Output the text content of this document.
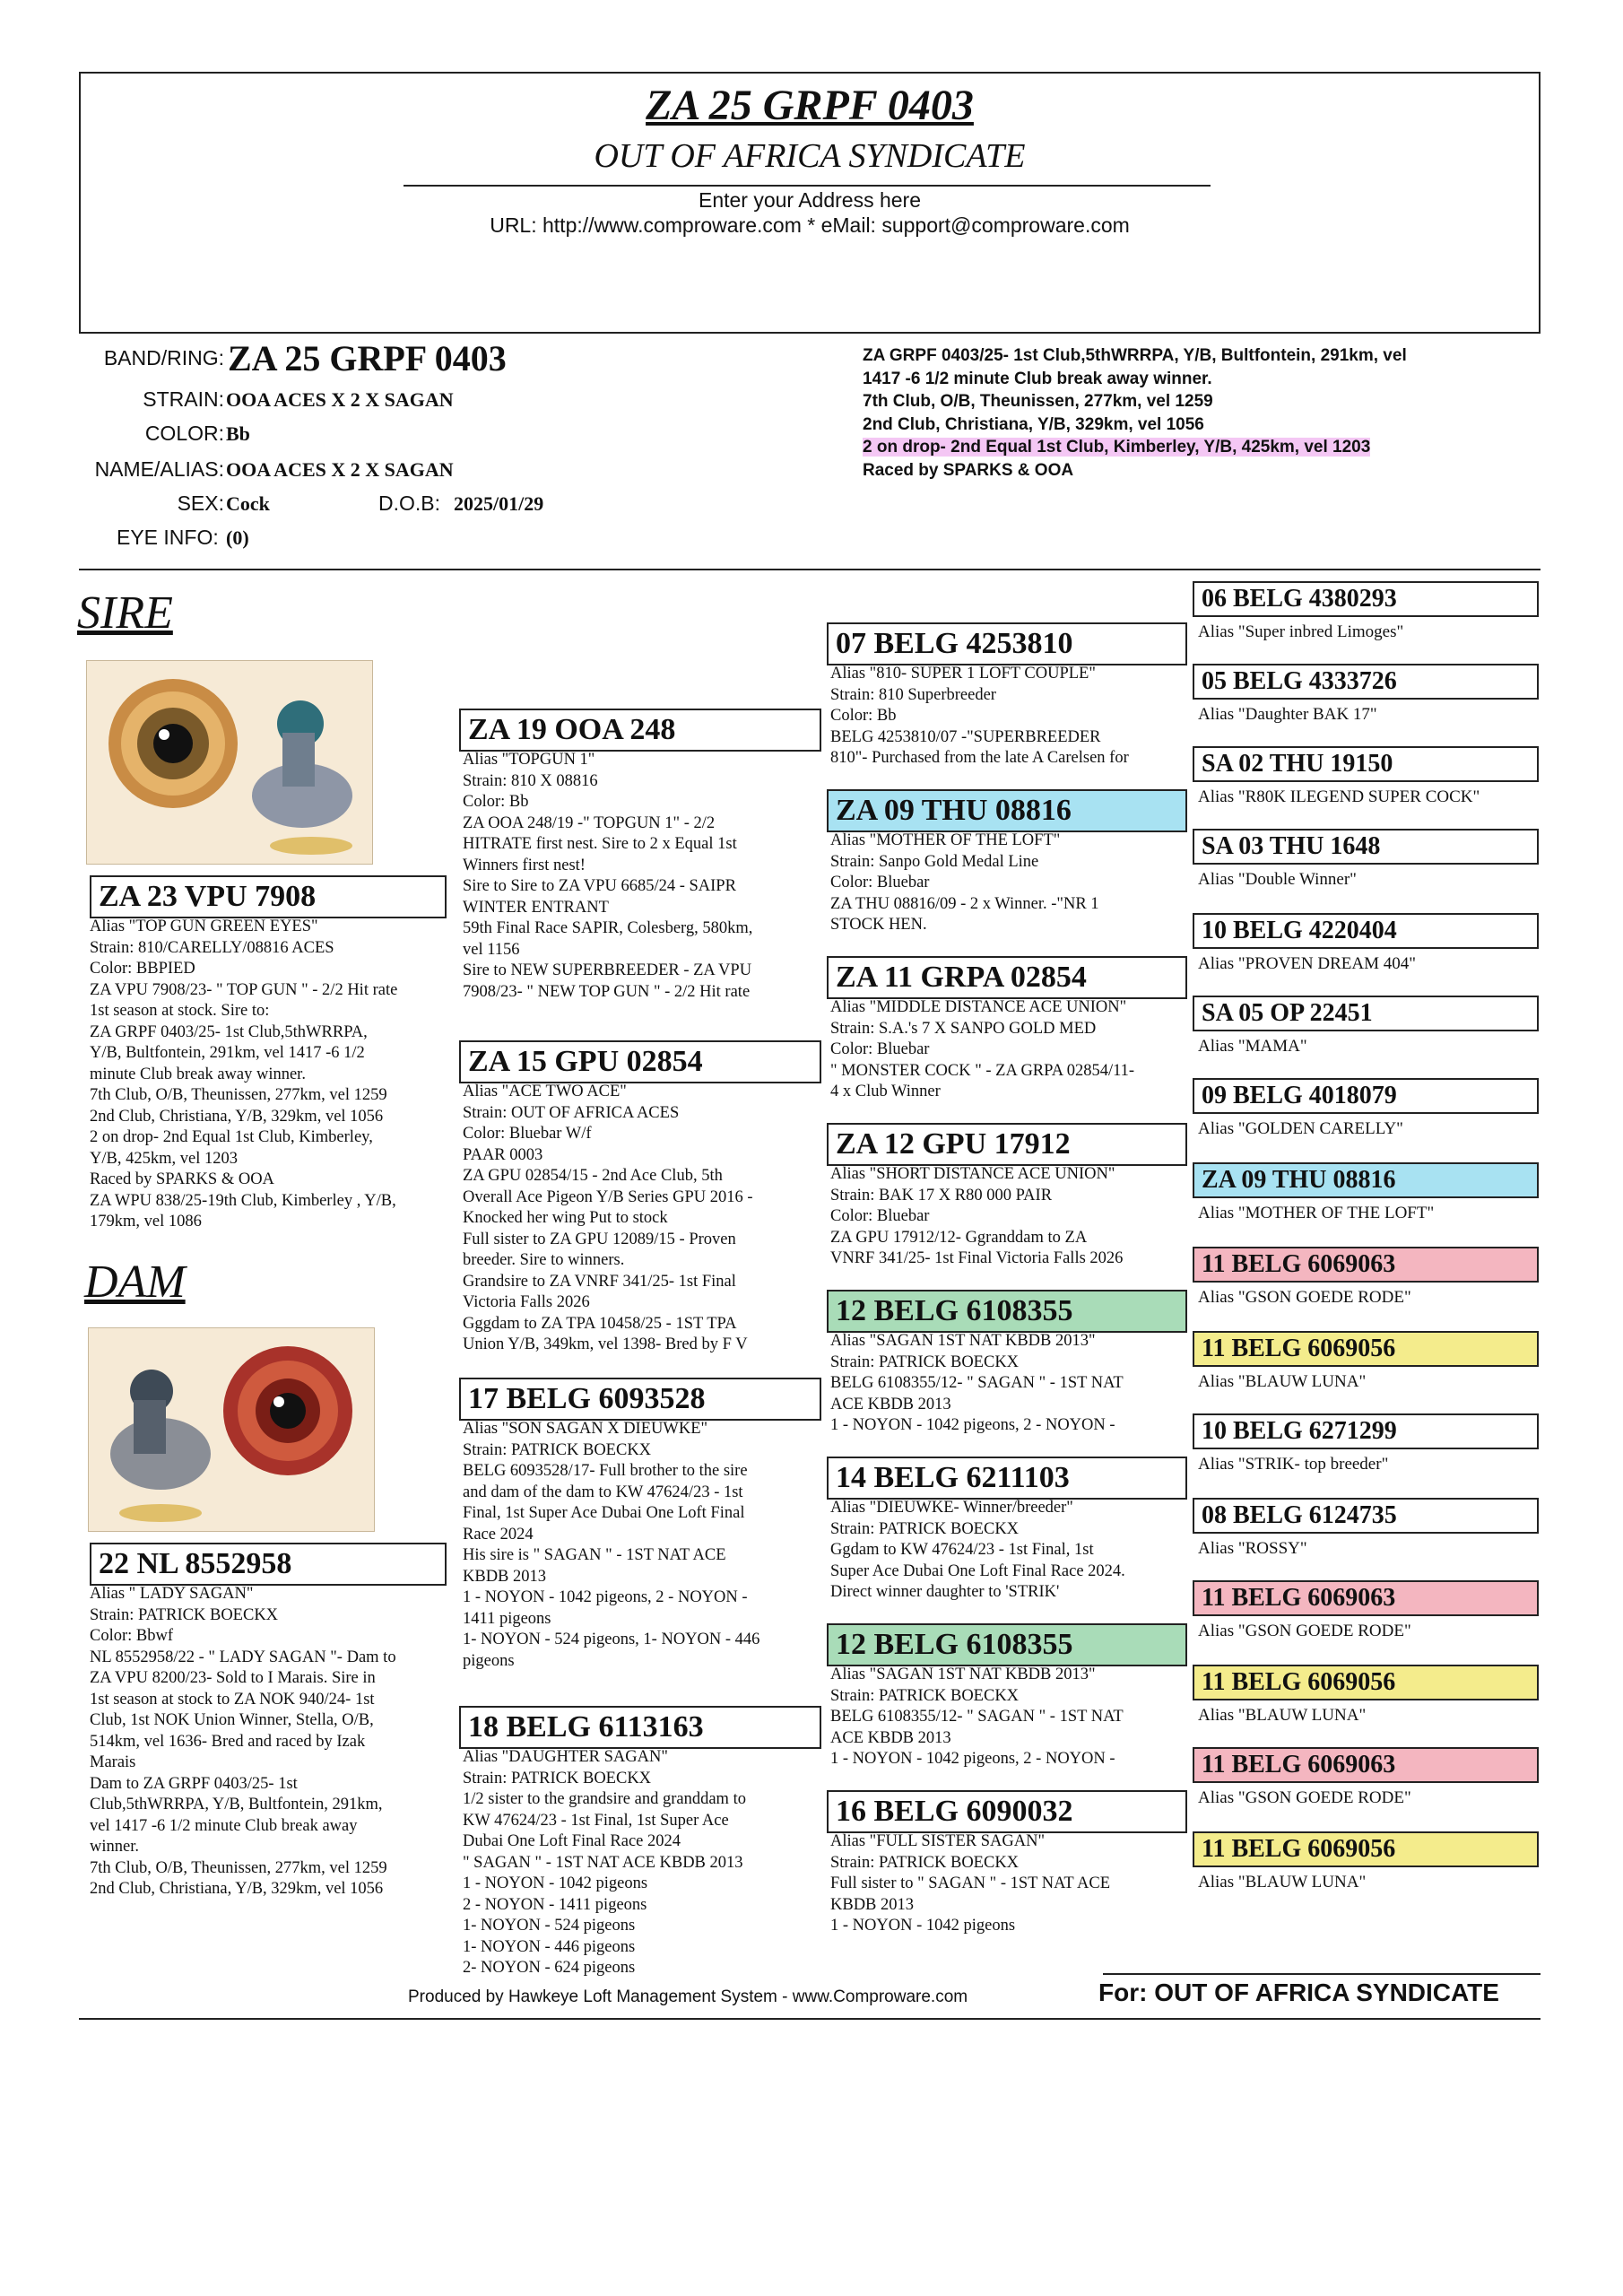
ZA 25 GRPF 0403
OUT OF AFRICA SYNDICATE
Enter your Address here
URL: http://www.comproware.com * eMail: support@comproware.com
BAND/RING: ZA 25 GRPF 0403
STRAIN: OOA ACES X 2 X SAGAN
COLOR: Bb
NAME/ALIAS: OOA ACES X 2 X SAGAN
SEX: Cock	D.O.B: 2025/01/29
EYE INFO: (0)
ZA GRPF 0403/25- 1st Club,5thWRRPA, Y/B, Bultfontein, 291km, vel
1417 -6 1/2 minute Club break away winner.
7th Club, O/B, Theunissen, 277km, vel 1259
2nd Club, Christiana, Y/B, 329km, vel 1056
2 on drop- 2nd Equal 1st Club, Kimberley, Y/B, 425km, vel 1203
Raced by SPARKS & OOA
SIRE
ZA 23 VPU 7908
Alias "TOP GUN GREEN EYES"
Strain: 810/CARELLY/08816 ACES
Color: BBPIED
ZA VPU 7908/23- " TOP GUN " - 2/2 Hit rate
1st season at stock. Sire to:
ZA GRPF 0403/25- 1st Club,5thWRRPA,
Y/B, Bultfontein, 291km, vel 1417 -6 1/2
minute Club break away winner.
7th Club, O/B, Theunissen, 277km, vel 1259
2nd Club, Christiana, Y/B, 329km, vel 1056
2 on drop- 2nd Equal 1st Club, Kimberley,
Y/B, 425km, vel 1203
Raced by SPARKS & OOA
ZA WPU 838/25-19th Club, Kimberley , Y/B,
179km, vel 1086
DAM
22 NL 8552958
Alias " LADY SAGAN"
Strain: PATRICK BOECKX
Color: Bbwf
NL 8552958/22 - " LADY SAGAN "- Dam to
ZA VPU 8200/23- Sold to I Marais. Sire in
1st season at stock to ZA NOK 940/24- 1st
Club, 1st NOK Union Winner, Stella, O/B,
514km, vel 1636- Bred and raced by Izak
Marais
Dam to ZA GRPF 0403/25- 1st
Club,5thWRRPA, Y/B, Bultfontein, 291km,
vel 1417 -6 1/2 minute Club break away
winner.
7th Club, O/B, Theunissen, 277km, vel 1259
2nd Club, Christiana, Y/B, 329km, vel 1056
ZA 19 OOA 248
Alias "TOPGUN 1"
Strain: 810 X 08816
Color: Bb
ZA OOA 248/19 -" TOPGUN 1" - 2/2
HITRATE first nest. Sire to 2 x Equal 1st
Winners first nest!
Sire to Sire to ZA VPU 6685/24 - SAIPR
WINTER ENTRANT
59th Final Race SAPIR, Colesberg, 580km,
vel 1156
Sire to NEW SUPERBREEDER - ZA VPU
7908/23- " NEW TOP GUN " - 2/2 Hit rate
ZA 15 GPU 02854
Alias "ACE TWO ACE"
Strain: OUT OF AFRICA ACES
Color: Bluebar W/f
PAAR 0003
ZA GPU 02854/15 - 2nd Ace Club, 5th
Overall Ace Pigeon Y/B Series GPU 2016 -
Knocked her wing Put to stock
Full sister to ZA GPU 12089/15 - Proven
breeder. Sire to winners.
Grandsire to ZA VNRF 341/25- 1st Final
Victoria Falls 2026
Gggdam to ZA TPA 10458/25 - 1ST TPA
Union Y/B, 349km, vel 1398- Bred by F V
17 BELG 6093528
Alias "SON SAGAN X DIEUWKE"
Strain: PATRICK BOECKX
BELG 6093528/17- Full brother to the sire
and dam of the dam to KW 47624/23 - 1st
Final, 1st Super Ace Dubai One Loft Final
Race 2024
His sire is " SAGAN " - 1ST NAT ACE
KBDB 2013
1 - NOYON - 1042 pigeons, 2 - NOYON -
1411 pigeons
1- NOYON - 524 pigeons, 1- NOYON - 446
pigeons
18 BELG 6113163
Alias "DAUGHTER SAGAN"
Strain: PATRICK BOECKX
1/2 sister to the grandsire and granddam to
KW 47624/23 - 1st Final, 1st Super Ace
Dubai One Loft Final Race 2024
" SAGAN " - 1ST NAT ACE KBDB 2013
1 - NOYON - 1042 pigeons
2 - NOYON - 1411 pigeons
1- NOYON - 524 pigeons
1- NOYON - 446 pigeons
2- NOYON - 624 pigeons
07 BELG 4253810
Alias "810- SUPER 1 LOFT COUPLE"
Strain: 810 Superbreeder
Color: Bb
BELG 4253810/07 -"SUPERBREEDER
810"- Purchased from the late A Carelsen for
ZA 09 THU 08816
Alias "MOTHER OF THE LOFT"
Strain: Sanpo Gold Medal Line
Color: Bluebar
ZA THU 08816/09 - 2 x Winner. -"NR 1
STOCK HEN.
ZA 11 GRPA 02854
Alias "MIDDLE DISTANCE ACE UNION"
Strain: S.A.'s 7 X SANPO GOLD MED
Color: Bluebar
" MONSTER COCK " - ZA GRPA 02854/11-
4 x Club Winner
ZA 12 GPU 17912
Alias "SHORT DISTANCE ACE UNION"
Strain: BAK 17 X R80 000 PAIR
Color: Bluebar
ZA GPU 17912/12- Ggranddam to ZA
VNRF 341/25- 1st Final Victoria Falls 2026
12 BELG 6108355
Alias "SAGAN 1ST NAT KBDB 2013"
Strain: PATRICK BOECKX
BELG 6108355/12- " SAGAN " - 1ST NAT
ACE KBDB 2013
1 - NOYON - 1042 pigeons, 2 - NOYON -
14 BELG 6211103
Alias "DIEUWKE- Winner/breeder"
Strain: PATRICK BOECKX
Ggdam to KW 47624/23 - 1st Final, 1st
Super Ace Dubai One Loft Final Race 2024.
Direct winner daughter to 'STRIK'
12 BELG 6108355
Alias "SAGAN 1ST NAT KBDB 2013"
Strain: PATRICK BOECKX
BELG 6108355/12- " SAGAN " - 1ST NAT
ACE KBDB 2013
1 - NOYON - 1042 pigeons, 2 - NOYON -
16 BELG 6090032
Alias "FULL SISTER SAGAN"
Strain: PATRICK BOECKX
Full sister to " SAGAN " - 1ST NAT ACE
KBDB 2013
1 - NOYON - 1042 pigeons
06 BELG 4380293
Alias "Super inbred Limoges"
05 BELG 4333726
Alias "Daughter BAK 17"
SA 02 THU 19150
Alias "R80K ILEGEND SUPER COCK"
SA 03 THU 1648
Alias "Double Winner"
10 BELG 4220404
Alias "PROVEN DREAM 404"
SA 05 OP 22451
Alias "MAMA"
09 BELG 4018079
Alias "GOLDEN CARELLY"
ZA 09 THU 08816
Alias "MOTHER OF THE LOFT"
11 BELG 6069063
Alias "GSON GOEDE RODE"
11 BELG 6069056
Alias "BLAUW LUNA"
10 BELG 6271299
Alias "STRIK- top breeder"
08 BELG 6124735
Alias "ROSSY"
11 BELG 6069063
Alias "GSON GOEDE RODE"
11 BELG 6069056
Alias "BLAUW LUNA"
11 BELG 6069063
Alias "GSON GOEDE RODE"
11 BELG 6069056
Alias "BLAUW LUNA"
Produced by Hawkeye Loft Management System - www.Comproware.com	For: OUT OF AFRICA SYNDICATE
